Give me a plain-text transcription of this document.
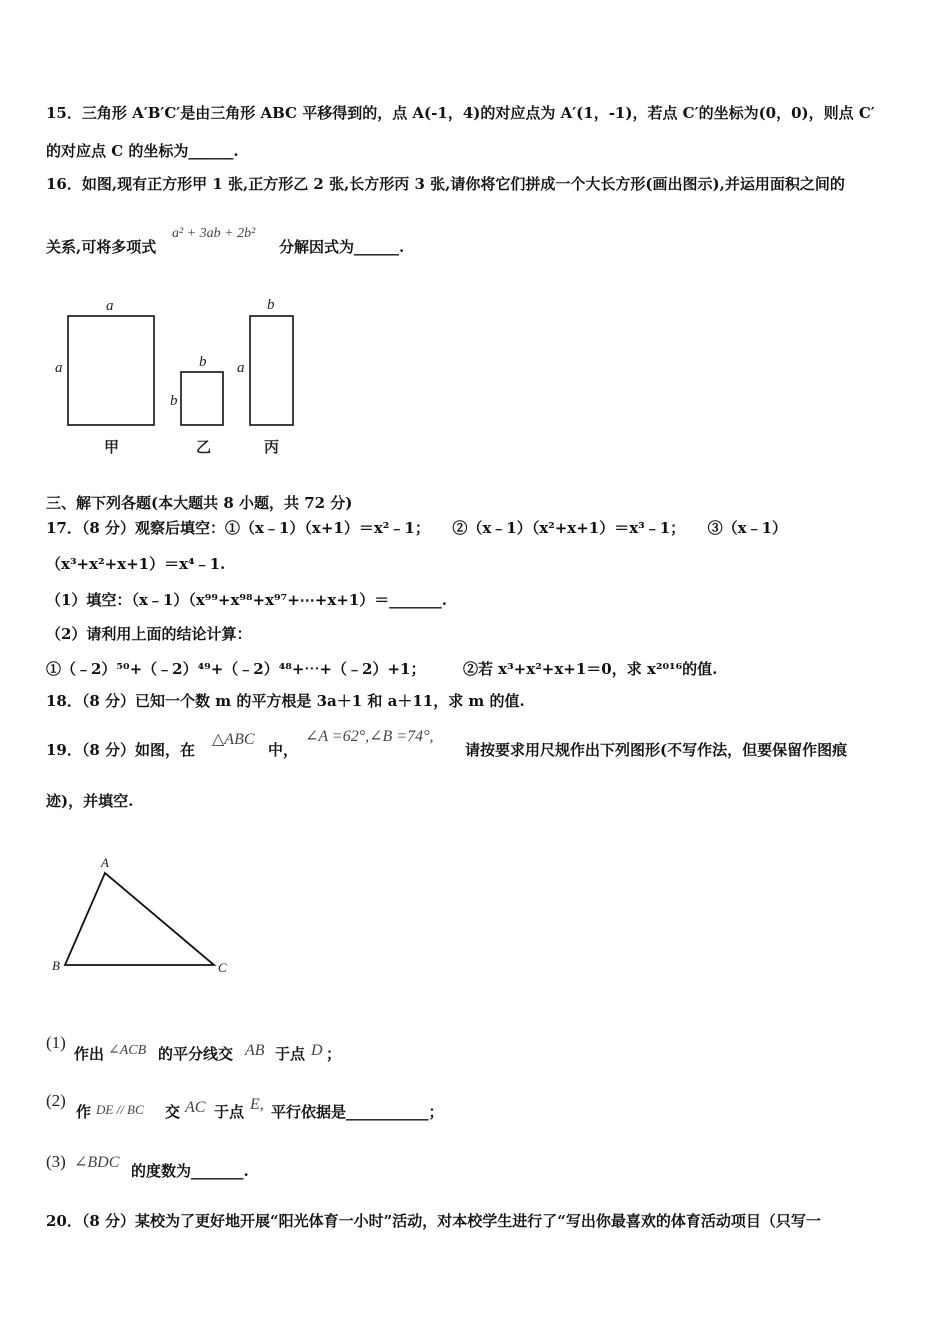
15．三角形 A′B′C′是由三角形 ABC 平移得到的，点 A(-1，4)的对应点为 A′(1，-1)，若点 C′的坐标为(0，0)，则点 C′
的对应点 C 的坐标为______.
16．如图,现有正方形甲 1 张,正方形乙 2 张,长方形丙 3 张,请你将它们拼成一个大长方形(画出图示),并运用面积之间的
关系,可将多项式
a² + 3ab + 2b²
分解因式为______.
a
a
甲
b
b
乙
b
a
丙
三、解下列各题(本大题共 8 小题，共 72 分)
17．（8 分）观察后填空：①（x﹣1）（x+1）＝x²﹣1；　　②（x﹣1）（x²+x+1）＝x³﹣1；　　③（x﹣1）
（x³+x²+x+1）＝x⁴﹣1.
（1）填空：（x﹣1）（x⁹⁹+x⁹⁸+x⁹⁷+⋯+x+1）＝_______.
（2）请利用上面的结论计算：
①（﹣2）⁵⁰+（﹣2）⁴⁹+（﹣2）⁴⁸+⋯+（﹣2）+1；　　　②若 x³+x²+x+1＝0，求 x²⁰¹⁶的值.
18．（8 分）已知一个数 m 的平方根是 3a＋1 和 a＋11，求 m 的值.
19．（8 分）如图，在
△ABC
中，
∠A =62°,∠B =74°,
请按要求用尺规作出下列图形(不写作法，但要保留作图痕
迹)，并填空.
A
B	C
(1)
作出 ∠ACB 的平分线交 AB 于点 D ；
(2)
作 DE // BC 交 AC 于点 E, 平行依据是___________；
(3) ∠BDC 的度数为_______.
20．（8 分）某校为了更好地开展“阳光体育一小时”活动，对本校学生进行了“写出你最喜欢的体育活动项目（只写一
